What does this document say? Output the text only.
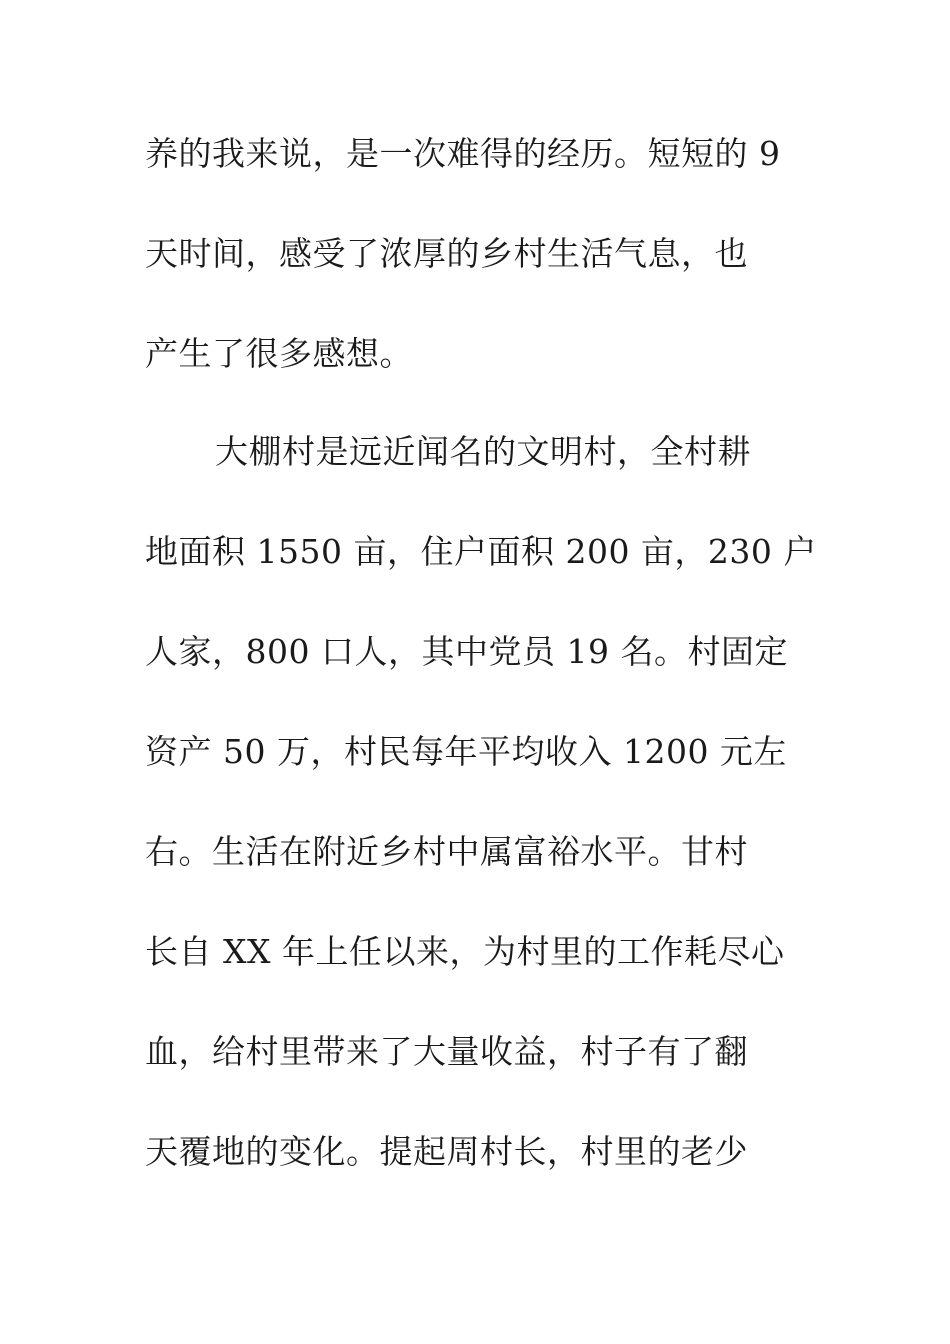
养的我来说，是一次难得的经历。短短的 9
天时间，感受了浓厚的乡村生活气息，也
产生了很多感想。
大棚村是远近闻名的文明村，全村耕
地面积 1550 亩，住户面积 200 亩，230 户
人家，800 口人，其中党员 19 名。村固定
资产 50 万，村民每年平均收入 1200 元左
右。生活在附近乡村中属富裕水平。甘村
长自 XX 年上任以来，为村里的工作耗尽心
血，给村里带来了大量收益，村子有了翻
天覆地的变化。提起周村长，村里的老少
